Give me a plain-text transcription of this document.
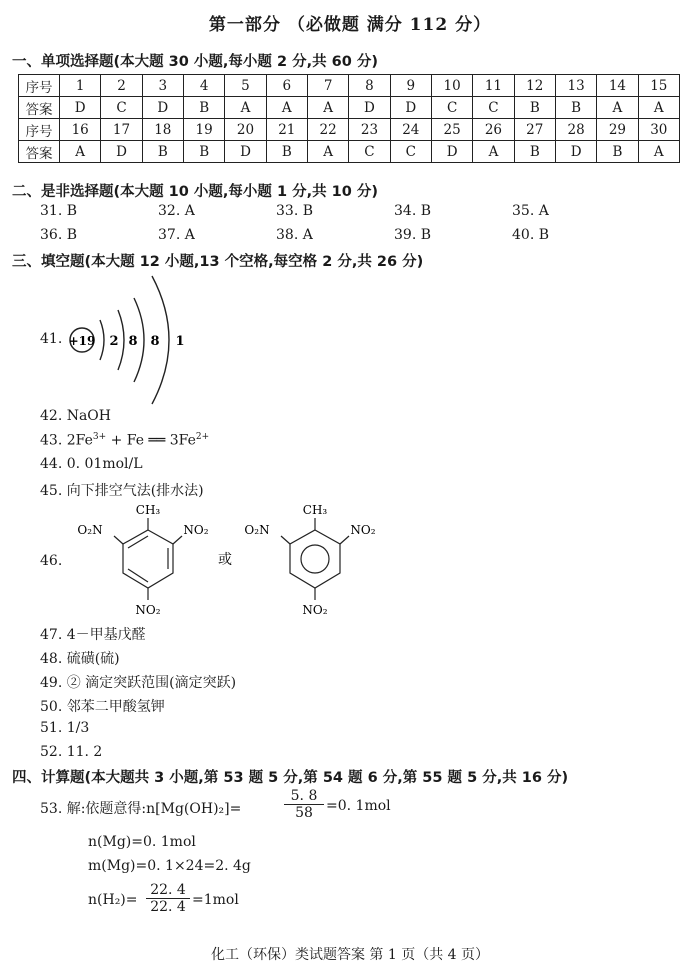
第一部分 （必做题 满分 112 分）
一、单项选择题(本大题 30 小题,每小题 2 分,共 60 分)
序号	1	2	3	4	5	6	7	8	9	10	11	12	13	14	15
答案	D	C	D	B	A	A	A	D	D	C	C	B	B	A	A
序号	16	17	18	19	20	21	22	23	24	25	26	27	28	29	30
答案	A	D	B	B	D	B	A	C	C	D	A	B	D	B	A
二、是非选择题(本大题 10 小题,每小题 1 分,共 10 分)
31. B	32. A	33. B	34. B	35. A
36. B	37. A	38. A	39. B	40. B
三、填空题(本大题 12 小题,13 个空格,每空格 2 分,共 26 分)
41. +19 2 8 8 1
42. NaOH
43. $2Fe^{3+} + Fe$ ══ $3Fe^{2+}$
44. 0. 01mol/L
45. 向下排空气法(排水法)
46.
CH₃
O₂N	NO₂
NO₂
或
CH₃
O₂N	NO₂
NO₂
47. 4－甲基戊醛
48. 硫磺(硫)
49. ② 滴定突跃范围(滴定突跃)
50. 邻苯二甲酸氢钾
51. 1/3
52. 11. 2
四、计算题(本大题共 3 小题,第 53 题 5 分,第 54 题 6 分,第 55 题 5 分,共 16 分)
53. 解:依题意得:n[Mg(OH)₂]=
5. 8
58 =0. 1mol
n(Mg)=0. 1mol
m(Mg)=0. 1×24=2. 4g
n(H₂)=
22. 4
22. 4 =1mol
化工（环保）类试题答案 第 1 页（共 4 页）
